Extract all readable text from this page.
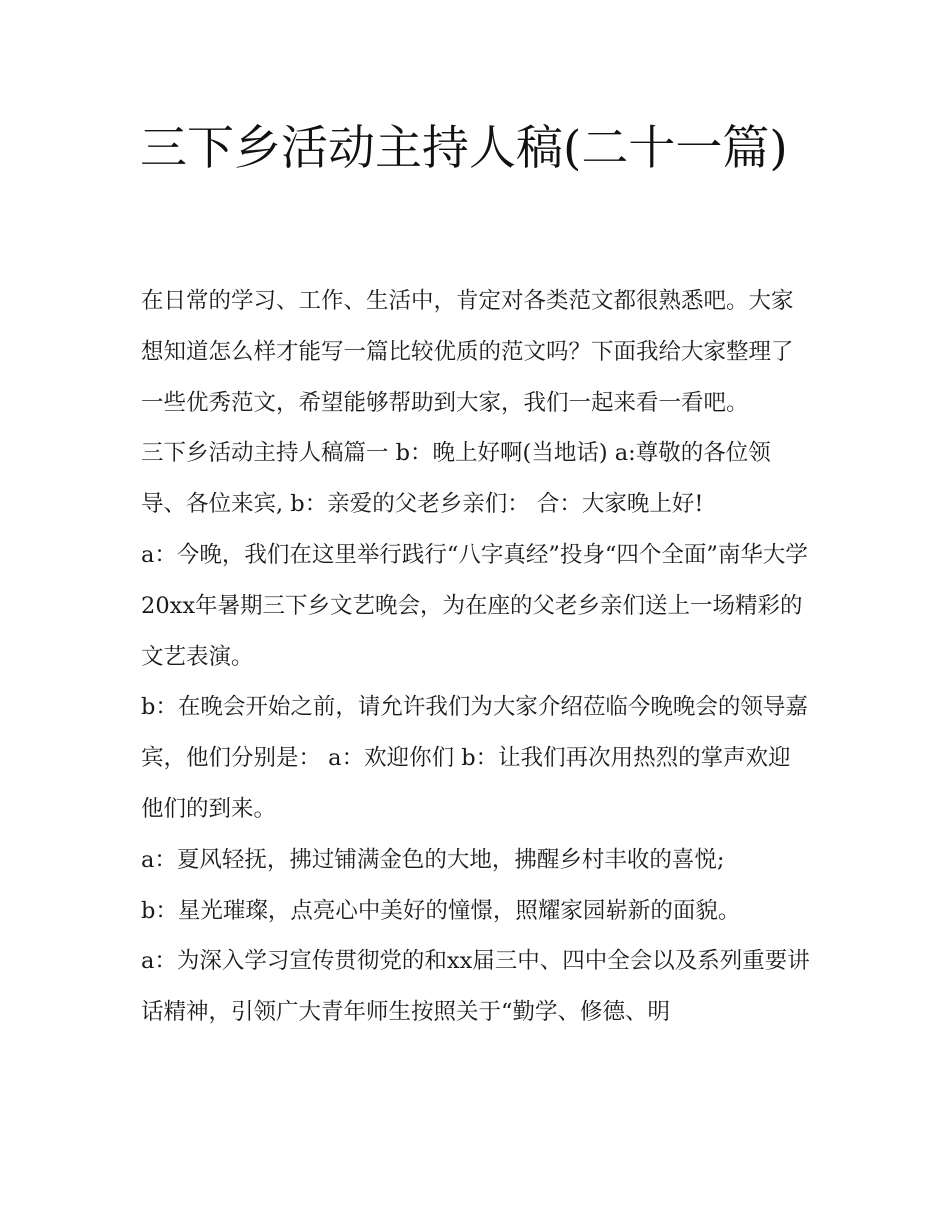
三下乡活动主持人稿(二十一篇)

在日常的学习、工作、生活中，肯定对各类范文都很熟悉吧。大家想知道怎么样才能写一篇比较优质的范文吗？下面我给大家整理了一些优秀范文，希望能够帮助到大家，我们一起来看一看吧。

三下乡活动主持人稿篇一 b：晚上好啊(当地话) a:尊敬的各位领导、各位来宾, b：亲爱的父老乡亲们： 合：大家晚上好!

a：今晚，我们在这里举行践行“八字真经”投身“四个全面”南华大学20xx年暑期三下乡文艺晚会，为在座的父老乡亲们送上一场精彩的文艺表演。

b：在晚会开始之前，请允许我们为大家介绍莅临今晚晚会的领导嘉宾，他们分别是： a：欢迎你们 b：让我们再次用热烈的掌声欢迎他们的到来。

a：夏风轻抚，拂过铺满金色的大地，拂醒乡村丰收的喜悦;

b：星光璀璨，点亮心中美好的憧憬，照耀家园崭新的面貌。

a：为深入学习宣传贯彻党的和xx届三中、四中全会以及系列重要讲话精神，引领广大青年师生按照关于“勤学、修德、明
